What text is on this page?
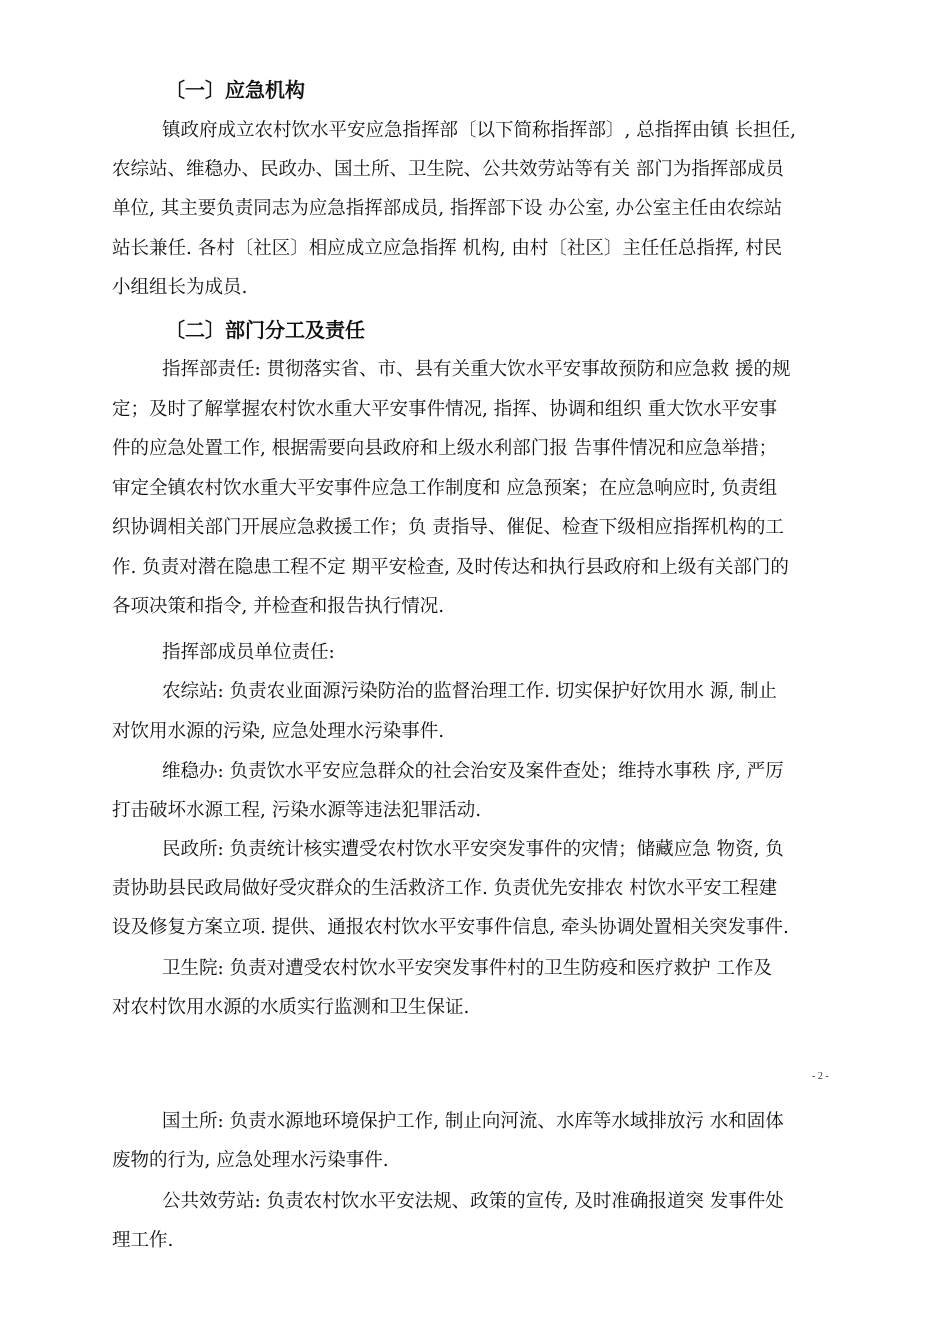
〔一〕应急机构
镇政府成立农村饮水平安应急指挥部〔以下简称指挥部〕, 总指挥由镇 长担任,
农综站、维稳办、民政办、国土所、卫生院、公共效劳站等有关 部门为指挥部成员
单位, 其主要负责同志为应急指挥部成员, 指挥部下设 办公室, 办公室主任由农综站
站长兼任. 各村〔社区〕相应成立应急指挥 机构, 由村〔社区〕主任任总指挥, 村民
小组组长为成员.
〔二〕部门分工及责任
指挥部责任: 贯彻落实省、市、县有关重大饮水平安事故预防和应急救 援的规
定；及时了解掌握农村饮水重大平安事件情况, 指挥、协调和组织 重大饮水平安事
件的应急处置工作, 根据需要向县政府和上级水利部门报 告事件情况和应急举措；
审定全镇农村饮水重大平安事件应急工作制度和 应急预案；在应急响应时, 负责组
织协调相关部门开展应急救援工作；负 责指导、催促、检查下级相应指挥机构的工
作. 负责对潜在隐患工程不定 期平安检查, 及时传达和执行县政府和上级有关部门的
各项决策和指令, 并检查和报告执行情况.
指挥部成员单位责任:
农综站: 负责农业面源污染防治的监督治理工作. 切实保护好饮用水 源, 制止
对饮用水源的污染, 应急处理水污染事件.
维稳办: 负责饮水平安应急群众的社会治安及案件查处；维持水事秩 序, 严厉
打击破坏水源工程, 污染水源等违法犯罪活动.
民政所: 负责统计核实遭受农村饮水平安突发事件的灾情；储藏应急 物资, 负
责协助县民政局做好受灾群众的生活救济工作. 负责优先安排农 村饮水平安工程建
设及修复方案立项. 提供、通报农村饮水平安事件信息, 牵头协调处置相关突发事件.
卫生院: 负责对遭受农村饮水平安突发事件村的卫生防疫和医疗救护 工作及
对农村饮用水源的水质实行监测和卫生保证.
- 2 -
国土所: 负责水源地环境保护工作, 制止向河流、水库等水域排放污 水和固体
废物的行为, 应急处理水污染事件.
公共效劳站: 负责农村饮水平安法规、政策的宣传, 及时准确报道突 发事件处
理工作.
